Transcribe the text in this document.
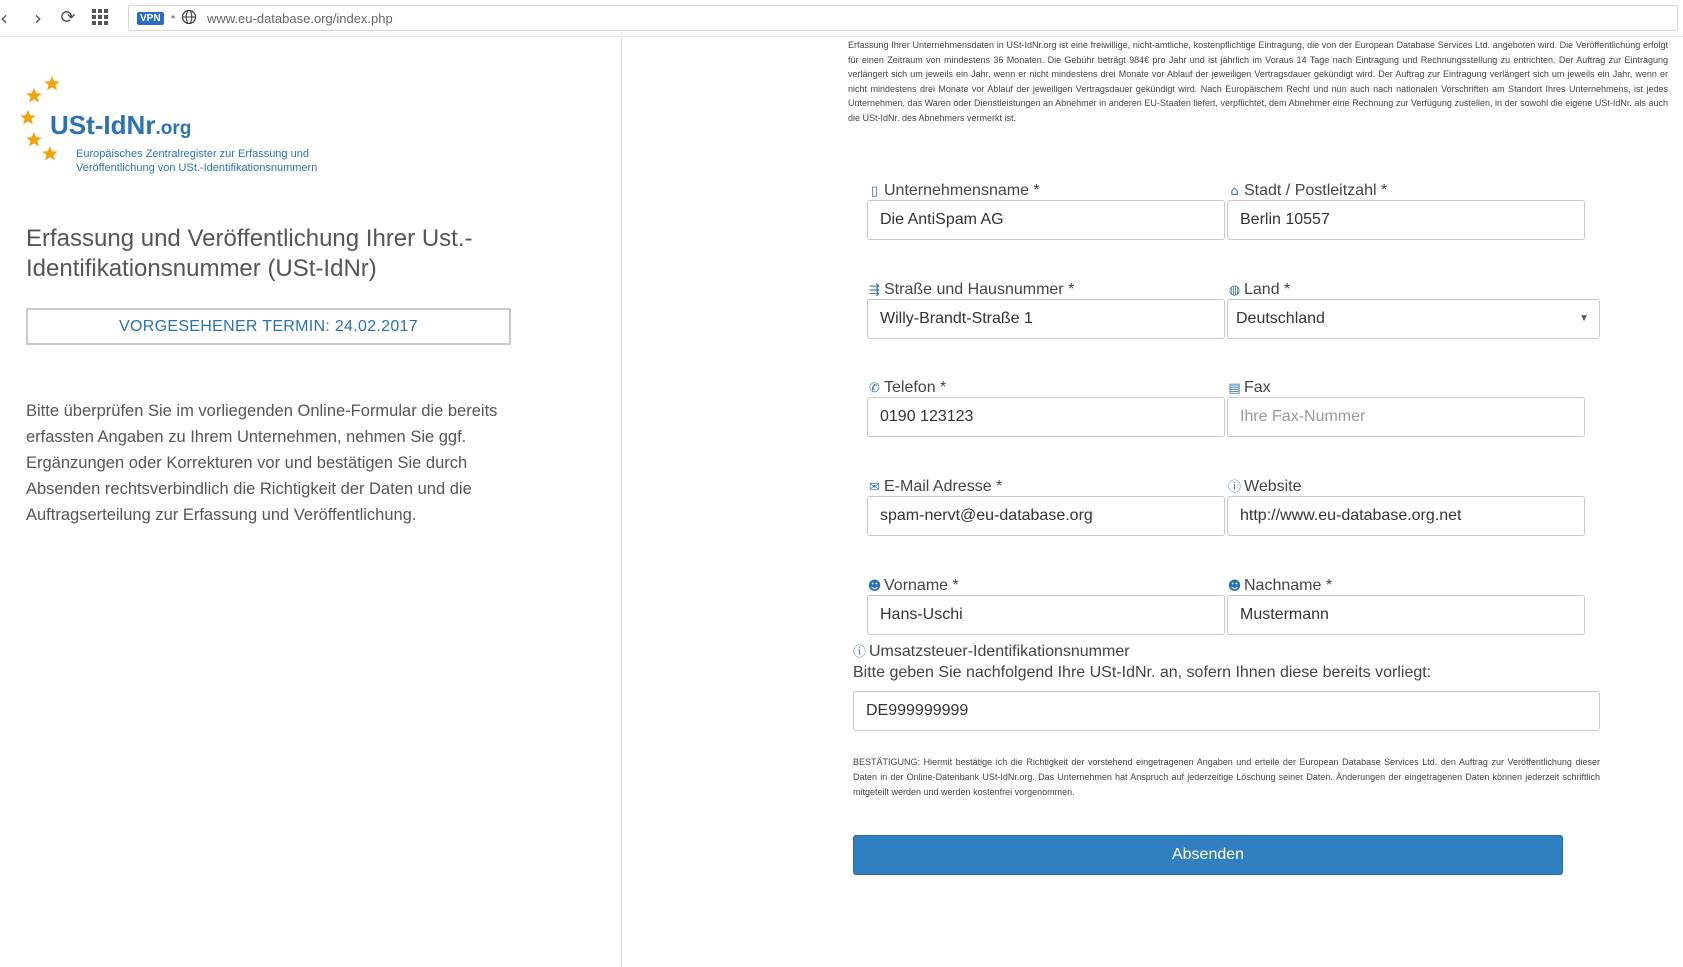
‹	›	⟳	VPN • www.eu-database.org/index.php
USt-IdNr.org
Europäisches Zentralregister zur Erfassung und
Veröffentlichung von USt.-Identifikationsnummern
Erfassung und Veröffentlichung Ihrer Ust.-Identifikationsnummer (USt-IdNr)
VORGESEHENER TERMIN: 24.02.2017

Bitte überprüfen Sie im vorliegenden Online-Formular die bereits erfassten Angaben zu Ihrem Unternehmen, nehmen Sie ggf. Ergänzungen oder Korrekturen vor und bestätigen Sie durch Absenden rechtsverbindlich die Richtigkeit der Daten und die Auftragserteilung zur Erfassung und Veröffentlichung.

Erfassung Ihrer Unternehmensdaten in USt-IdNr.org ist eine freiwillige, nicht-amtliche, kostenpflichtige Eintragung, die von der European Database Services Ltd. angeboten wird. Die Veröffentlichung erfolgt für einen Zeitraum von mindestens 36 Monaten. Die Gebühr beträgt 984€ pro Jahr und ist jährlich im Voraus 14 Tage nach Eintragung und Rechnungsstellung zu entrichten. Der Auftrag zur Eintragung verlängert sich um jeweils ein Jahr, wenn er nicht mindestens drei Monate vor Ablauf der jeweiligen Vertragsdauer gekündigt wird. Der Auftrag zur Eintragung verlängert sich um jeweils ein Jahr, wenn er nicht mindestens drei Monate vor Ablauf der jeweiligen Vertragsdauer gekündigt wird. Nach Europäischem Recht und nun auch nach nationalen Vorschriften am Standort Ihres Unternehmens, ist jedes Unternehmen, das Waren oder Dienstleistungen an Abnehmer in anderen EU-Staaten liefert, verpflichtet, dem Abnehmer eine Rechnung zur Verfügung zustellen, in der sowohl die eigene USt-IdNr. als auch die USt-IdNr. des Abnehmers vermerkt ist.

▯ Unternehmensname *
Die AntiSpam AG	⌂ Stadt / Postleitzahl *
Berlin 10557
⇶ Straße und Hausnummer *
Willy-Brandt-Straße 1	◍ Land *
Deutschland	▼
✆ Telefon *
0190 123123	▤ Fax
Ihre Fax-Nummer
✉ E-Mail Adresse *
spam-nervt@eu-database.org	ⓘ Website
http://www.eu-database.org.net
☻ Vorname *
Hans-Uschi	☻ Nachname *
Mustermann
ⓘ Umsatzsteuer-Identifikationsnummer
Bitte geben Sie nachfolgend Ihre USt-IdNr. an, sofern Ihnen diese bereits vorliegt:
DE999999999

BESTÄTIGUNG: Hiermit bestätige ich die Richtigkeit der vorstehend eingetragenen Angaben und erteile der European Database Services Ltd. den Auftrag zur Veröffentlichung dieser Daten in der Online-Datenbank USt-IdNr.org. Das Unternehmen hat Anspruch auf jederzeitige Löschung seiner Daten. Änderungen der eingetragenen Daten können jederzeit schriftlich mitgeteilt werden und werden kostenfrei vorgenommen.

Absenden
